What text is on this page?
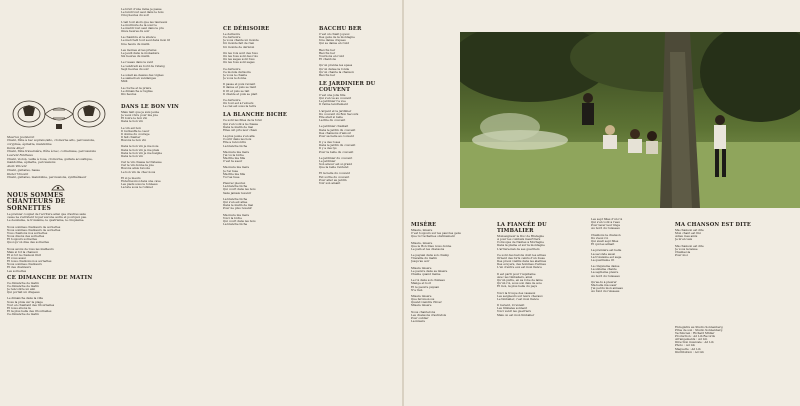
Maurice Jeanneret
Chant, flûte à bec soprano/alto, cromorne alto, percussions, coryphée, épinette, mandoline
Denis Alber
Chant, flûte traversière, flûte à bec, cornemuse, percussions
Laurent Feldhaus
Chant, violon, veille à roue, cromorne, guitare acoustique, mandoline, épinette, percussions
Alain Vincent
Chant, guitares, basse
Dieter Vincent
Chant, guitares, mandoline, percussions, synthétiseur
NOUS SOMMES CHANTEURS DE SORNETTES
Le premier couplet de l'écriture ainsi que d'autres sans
cesse ne s'arrêtent ni par aucune autre et pourquoi pas.
Le deuxième, le troisième, le quatrième, le cinquième.
Nous sommes chanteurs de sornettes
Nous sommes chanteurs de sornettes
Tous chantons nos sornettes
Nous disons des sornettes
Et toujours sornettes
Quoi qu'on dise des sornettes
Nous avons de tous les malheurs
Mais si tôt la chanson
Et si tôt la chanson finit
Et vous aussi
Et nous chantons nos sornettes
Nous sommes chanteurs
Et des chanteurs
Les sornettes
CE DIMANCHE DE MATIN
Ce dimanche de matin
Ce dimanche de matin
Je rencontre un ami
Qui portait un drapeau
Le dimanche dans la ville
Sous la pluie sur la plage
Tout en chantant des ritournelles
Et nous étions là
Et la plus belle des ritournelles
Ce dimanche de matin
Le bruit d'une rame je passe
Le lundi tout seul dans le bois
Cinq heures du soir
L'œil tout alors que les taureaux
Le murmure de la source
Le mardi tout seul dans le pré
Onze heures du soir
La chambre et le silence
Le mercredi tout seul dans mon lit
Une heure du matin
Les moines et les prières
Le jeudi dans le monastère
Six heures du matin
Le roseau dans le vent
Le vendredi au bord de l'étang
Sept heures du soir
Le soleil au-dessus des vignes
Le samedi en vendanges
Midi
La cloche et la prière
Le dimanche à l'église
Dix heures
DANS LE BON VIN
Mais tant que je suis jeune
Je veux vivre pour ma joie
Et boire le bon vin
Dans le bon vin
Le vin est bon
Il réchauffe le cœur
Il donne du courage
Il fait chanter
Buvons le bon vin
Dans le bon vin je me noie
Dans le bon vin je me plais
Dans le bon vin je me baigne
Dans le bon vin
Car le vin chasse la tristesse
Car le vin donne la joie
Buvons amis buvons
Le bon vin de chez nous
Et si je meurs
Enterrez-moi dans une cave
Les pieds sous le tonneau
La tête sous le robinet
CE DÉRISOIRE
Le dérisoire
Ce dérisoire
Je vous chante un monde
Un monde fait de rien
Un monde de dérision
Où les rois sont des fous
Où les fous sont des rois
Où les sages sont fous
Où les fous sont sages
Ce dérisoire
Ce monde dérisoire
Je vous le chante
Je vous le donne
Il passe et puis revient
Il danse et puis se tient
Il rit et puis se tait
Il chante et puis se plaît
Ce dérisoire
Où tout est à l'envers
Le ciel est sous la terre
LA BLANCHE BICHE
Ce sont les filles de la forêt
Qui s'en vont à la chasse
Dans le matin de mai
Elles ont pris leur chien
La plus jeune s'en alla
Courir dans les bois
Elle a rencontré
La blanche biche
Ma mère ma mère
J'ai vu la biche
Ma fille ma fille
C'est ta sœur
Ma mère ma mère
Je l'ai tuée
Ma fille ma fille
Tu l'as tuée
Pleurez pleurez
La blanche biche
Qui court dans les bois
Sans jamais revenir
La blanche biche
Qui s'en est allée
Dans le matin de mai
Pour ne plus revenir
Ma mère ma mère
Voici la biche
Qui court dans les bois
La blanche biche
BACCHU BER
C'est un chant joyeux
Des gens de la montagne
Une danse d'épées
Qui se danse en rond
Bacchu ber
Bacchu ber
Tournons en rond
Et chantons
Qu'on prenne les épées
Qu'on danse la ronde
Qu'on chante la chanson
Bacchu ber
LE JARDINIER DU COUVENT
C'est une jolie fille
Qui s'en va au couvent
Le jardinier l'a vue
Il l'aime tendrement
L'argent et le jardinier
Du couvent du Bon Secours
Elle était si belle
La fille du couvent
Le jardinier chantait
Dans le jardin du couvent
Des chansons d'amour
Pour sa belle au couvent
Il y a des roses
Dans le jardin du couvent
Il y a des lys
Pour la belle du couvent
Le jardinier du couvent
Le jardinier
Son amour est si grand
Que la belle l'entend
Et la belle du couvent
Est sortie du couvent
Pour aller au jardin
Voir son amant
MISÈRE
Misère, misère
C'est toujours sur les pauvres gens
Que tu t'acharnes obstinément
Misère, misère
Que le Bon Dieu nous donne
Le pain et les chansons
Le paysan dans son champ
Travaille du matin
Jusqu'au soir
Misère misère
Le pauvre dans sa misère
Chante quand même
Le roi dans son château
Mange et boit
Et le pauvre paysan
N'a rien
Misère misère
Que ferons-nous
Quand viendra l'hiver
Misère misère
Nous chanterons
Les chansons d'autrefois
Pour oublier
La misère
LA FIANCÉE DU TIMBALIER
Monseigneur le Duc de Bretagne
A pour les combats meurtriers
Convoqué de Nantes à Mortagne
Dans la plaine et sur la montagne
L'arrière-ban de ses guerriers
Ce sont des barons dont les armes
Ornent des forts ceints d'un fossé
Des preux vieillis dans les alarmes
Des écuyers, des hommes d'armes
L'un d'entre eux est mon fiancé
Il est parti pour l'Aquitaine
Avec les timbaliers, ainsi
Qu'un pâtre, en sa robe de laine
Qu'un roi, sous son dais de soie
Et moi, la plus belle du pays
Voici la troupe des vassaux
Les seigneurs sur leurs chevaux
Le timbalier, c'est mon fiancé
Il revient, il revient
Les timbales sonnent
Voici venir les guerriers
Mais où est mon timbalier
Les sept filles d'un roi
Qui s'en vont à l'eau
Pour laver leur linge
Au bord du ruisseau
Chantons la chanson
Du vieux roi
Qui avait sept filles
Et qui les aimait
La première est belle
La seconde aussi
La troisième est sage
La quatrième rit
La cinquième danse
La sixième chante
La septième pleure
Au bord du ruisseau
Qu'as-tu à pleurer
Ma belle ma sœur
J'ai perdu mon anneau
Au fond du ruisseau
MA CHANSON EST DITE
Ma chanson est dite
Mon chant est fini
Adieu mes amis
Je m'en vais
Ma chanson est dite
Je vous la laisse
Chantez-la
Pour moi
Enregistré au Studio Sonnenberg
Prise de son : Studio Sonnenberg
Technicien : Richard Müller
Production : Ad Lib Records
Arrangements : Ad Lib
Direction musicale : Ad Lib
Photo : Ad Lib
Maquette : Ad Lib
Distribution : Ad Lib
